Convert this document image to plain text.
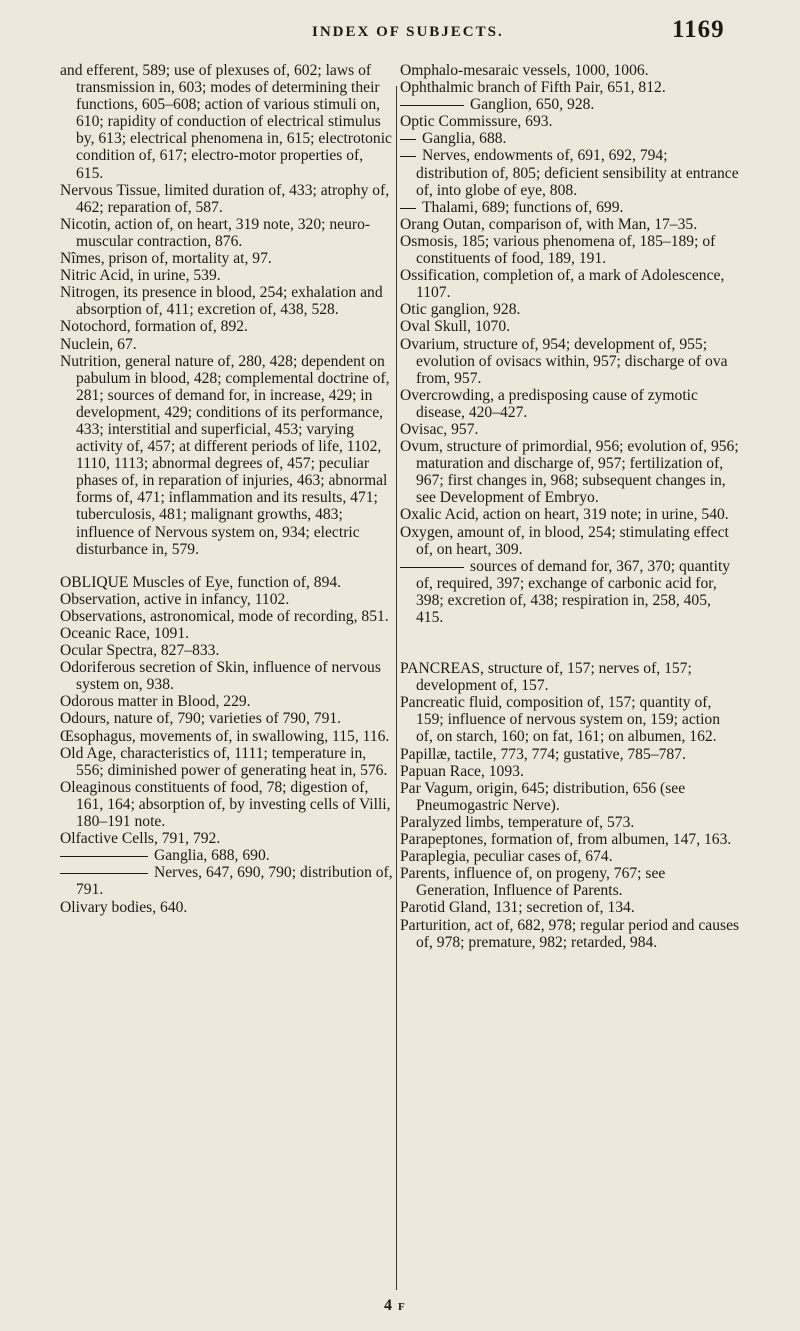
INDEX OF SUBJECTS.	1169

and efferent, 589; use of plexuses of, 602; laws of transmission in, 603; modes of determining their functions, 605–608; action of various stimuli on, 610; rapidity of conduction of electrical stimulus by, 613; electrical phenomena in, 615; electrotonic condition of, 617; electro-motor properties of, 615.

Nervous Tissue, limited duration of, 433; atrophy of, 462; reparation of, 587.

Nicotin, action of, on heart, 319 note, 320; neuro-muscular contraction, 876.

Nîmes, prison of, mortality at, 97.

Nitric Acid, in urine, 539.

Nitrogen, its presence in blood, 254; exhalation and absorption of, 411; excretion of, 438, 528.

Notochord, formation of, 892.

Nuclein, 67.

Nutrition, general nature of, 280, 428; dependent on pabulum in blood, 428; complemental doctrine of, 281; sources of demand for, in increase, 429; in development, 429; conditions of its performance, 433; interstitial and superficial, 453; varying activity of, 457; at different periods of life, 1102, 1110, 1113; abnormal degrees of, 457; peculiar phases of, in reparation of injuries, 463; abnormal forms of, 471; inflammation and its results, 471; tuberculosis, 481; malignant growths, 483; influence of Nervous system on, 934; electric disturbance in, 579.

OBLIQUE Muscles of Eye, function of, 894.

Observation, active in infancy, 1102.

Observations, astronomical, mode of recording, 851.

Oceanic Race, 1091.

Ocular Spectra, 827–833.

Odoriferous secretion of Skin, influence of nervous system on, 938.

Odorous matter in Blood, 229.

Odours, nature of, 790; varieties of 790, 791.

Œsophagus, movements of, in swallowing, 115, 116.

Old Age, characteristics of, 1111; temperature in, 556; diminished power of generating heat in, 576.

Oleaginous constituents of food, 78; digestion of, 161, 164; absorption of, by investing cells of Villi, 180–191 note.

Olfactive Cells, 791, 792.

Ganglia, 688, 690.

Nerves, 647, 690, 790; distribution of, 791.

Olivary bodies, 640.

Omphalo-mesaraic vessels, 1000, 1006.

Ophthalmic branch of Fifth Pair, 651, 812.

Ganglion, 650, 928.

Optic Commissure, 693.

Ganglia, 688.

Nerves, endowments of, 691, 692, 794; distribution of, 805; deficient sensibility at entrance of, into globe of eye, 808.

Thalami, 689; functions of, 699.

Orang Outan, comparison of, with Man, 17–35.

Osmosis, 185; various phenomena of, 185–189; of constituents of food, 189, 191.

Ossification, completion of, a mark of Adolescence, 1107.

Otic ganglion, 928.

Oval Skull, 1070.

Ovarium, structure of, 954; development of, 955; evolution of ovisacs within, 957; discharge of ova from, 957.

Overcrowding, a predisposing cause of zymotic disease, 420–427.

Ovisac, 957.

Ovum, structure of primordial, 956; evolution of, 956; maturation and discharge of, 957; fertilization of, 967; first changes in, 968; subsequent changes in, see Development of Embryo.

Oxalic Acid, action on heart, 319 note; in urine, 540.

Oxygen, amount of, in blood, 254; stimulating effect of, on heart, 309.

sources of demand for, 367, 370; quantity of, required, 397; exchange of carbonic acid for, 398; excretion of, 438; respiration in, 258, 405, 415.

PANCREAS, structure of, 157; nerves of, 157; development of, 157.

Pancreatic fluid, composition of, 157; quantity of, 159; influence of nervous system on, 159; action of, on starch, 160; on fat, 161; on albumen, 162.

Papillæ, tactile, 773, 774; gustative, 785–787.

Papuan Race, 1093.

Par Vagum, origin, 645; distribution, 656 (see Pneumogastric Nerve).

Paralyzed limbs, temperature of, 573.

Parapeptones, formation of, from albumen, 147, 163.

Paraplegia, peculiar cases of, 674.

Parents, influence of, on progeny, 767; see Generation, Influence of Parents.

Parotid Gland, 131; secretion of, 134.

Parturition, act of, 682, 978; regular period and causes of, 978; premature, 982; retarded, 984.

4 F
